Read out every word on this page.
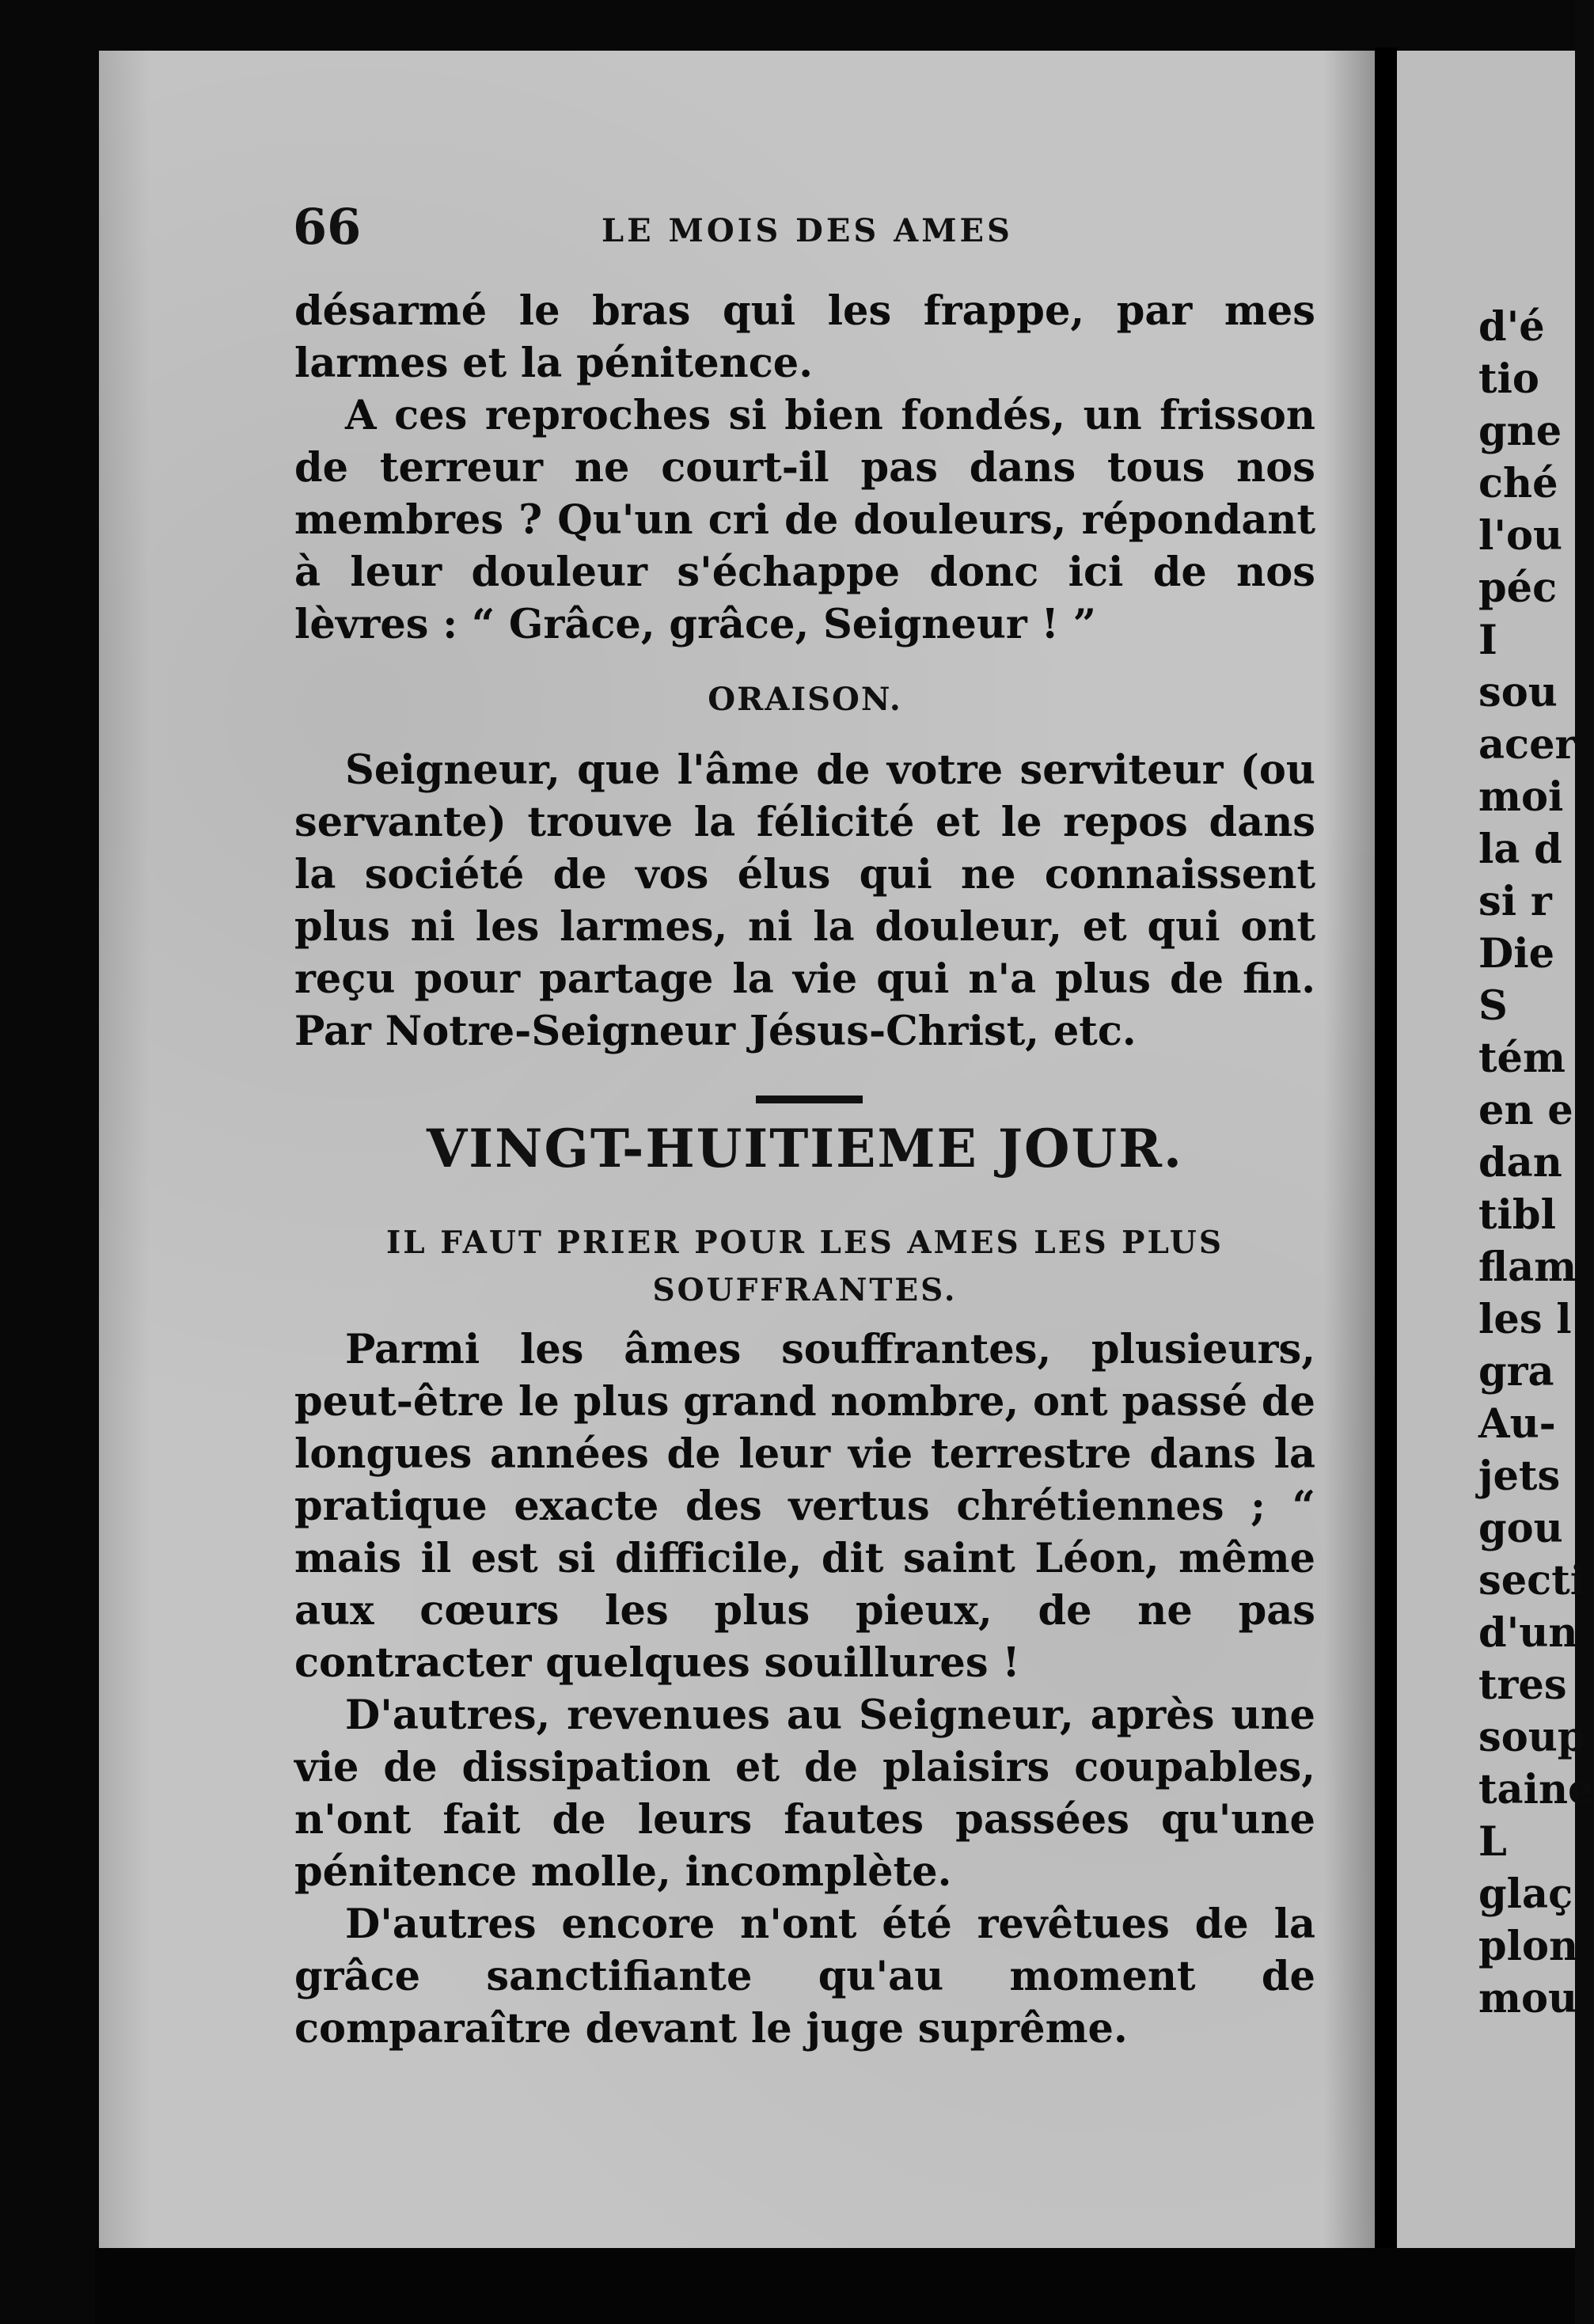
66	LE MOIS DES AMES

désarmé le bras qui les frappe, par mes larmes et la pénitence.

A ces reproches si bien fondés, un frisson de terreur ne court-il pas dans tous nos membres ? Qu'un cri de douleurs, répondant à leur douleur s'échappe donc ici de nos lèvres : “ Grâce, grâce, Seigneur ! ”

ORAISON.

Seigneur, que l'âme de votre serviteur (ou servante) trouve la félicité et le repos dans la société de vos élus qui ne connaissent plus ni les larmes, ni la douleur, et qui ont reçu pour partage la vie qui n'a plus de fin. Par Notre-Seigneur Jésus-Christ, etc.

VINGT-HUITIEME JOUR.
IL FAUT PRIER POUR LES AMES LES PLUS
SOUFFRANTES.

Parmi les âmes souffrantes, plusieurs, peut-être le plus grand nombre, ont passé de longues années de leur vie terrestre dans la pratique exacte des vertus chrétiennes ; “ mais il est si difficile, dit saint Léon, même aux cœurs les plus pieux, de ne pas contracter quelques souillures !

D'autres, revenues au Seigneur, après une vie de dissipation et de plaisirs coupables, n'ont fait de leurs fautes passées qu'une pénitence molle, incomplète.

D'autres encore n'ont été revêtues de la grâce sanctifiante qu'au moment de comparaître devant le juge suprême.

d'é
tio
gne
ché
l'ou
péc
I
sou
acer
moi
la d
si r
Die
S
tém
en e
dan
tibl
flam
les l
gra
Au-
jets
gou
secti
d'un
tres
soup
taine
L
glaç
plon
mou
